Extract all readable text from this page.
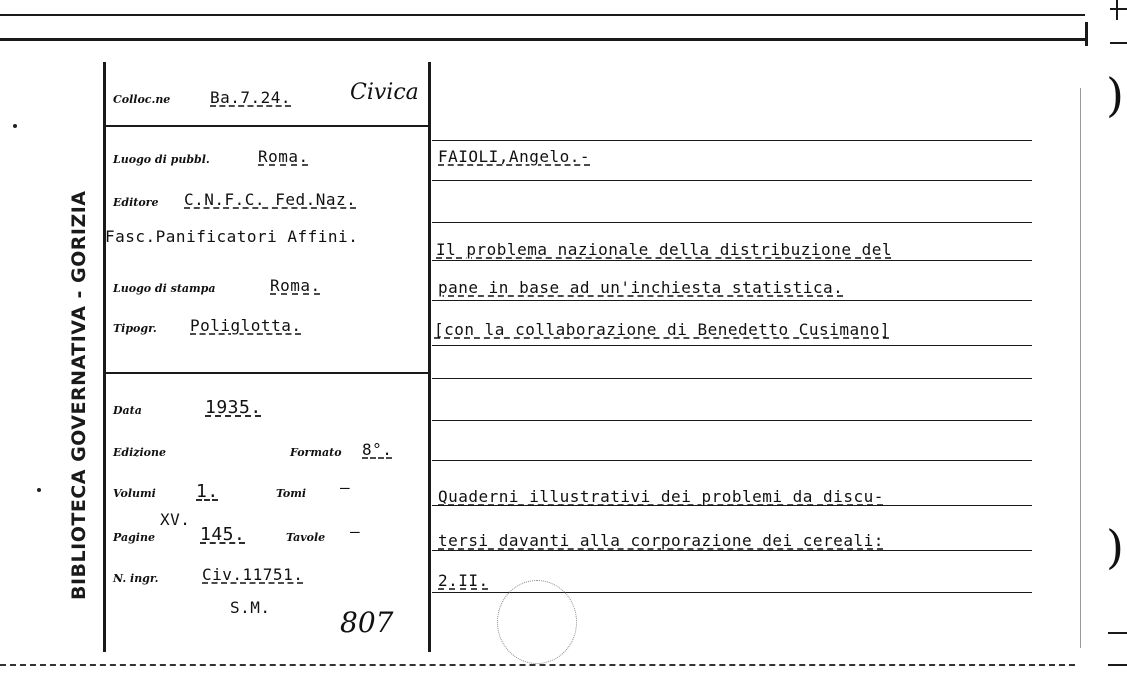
BIBLIOTECA GOVERNATIVA - GORIZIA
Colloc.ne Ba.7.24.	Civica
Luogo di pubbl.	Roma.
Editore C.N.F.C. Fed.Naz.
Fasc.Panificatori Affini.
Luogo di stampa	Roma.
Tipogr. Poliglotta.
Data	1935.
Edizione	Formato 8°.
Volumi 1.	Tomi —
XV.
Pagine	145.	Tavole —
N. ingr.	Civ.11751.
S.M. 807
FAIOLI,Angelo.-
Il problema nazionale della distribuzione del
pane in base ad un'inchiesta statistica.
[con la collaborazione di Benedetto Cusimano]
Quaderni illustrativi dei problemi da discu-
tersi davanti alla corporazione dei cereali:
2.II.
)
)
